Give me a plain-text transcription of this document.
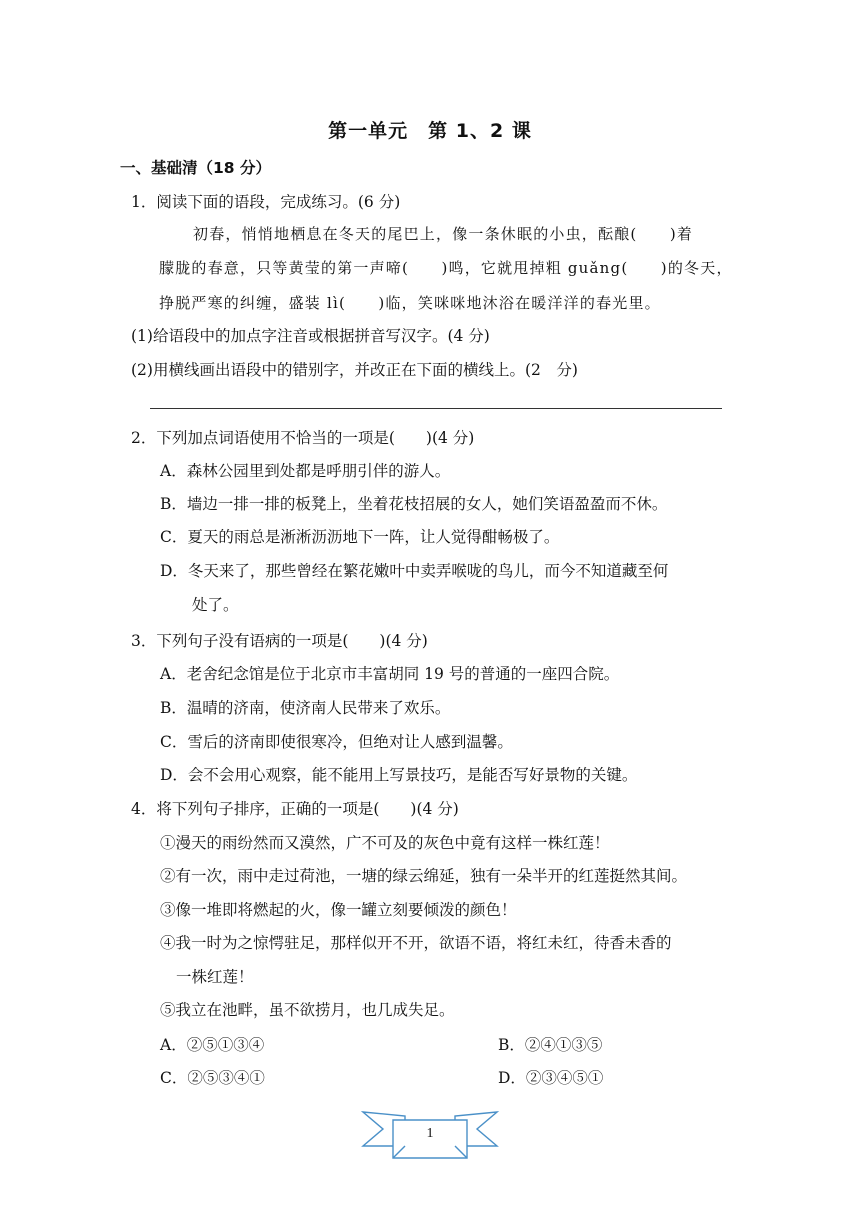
第一单元　第 1、2 课
一、基础清（18 分）
1．阅读下面的语段，完成练习。(6 分)
初春，悄悄地栖息在冬天的尾巴上，像一条休眠的小虫，酝酿(　　)着
朦胧的春意，只等黄莹的第一声啼(　　)鸣，它就甩掉粗 guǎng(　　)的冬天，
挣脱严寒的纠缠，盛装 lì(　　)临，笑咪咪地沐浴在暖洋洋的春光里。
(1)给语段中的加点字注音或根据拼音写汉字。(4 分)
(2)用横线画出语段中的错别字，并改正在下面的横线上。(2　分)
2．下列加点词语使用不恰当的一项是(　　)(4 分)
A．森林公园里到处都是呼朋引伴的游人。
B．墙边一排一排的板凳上，坐着花枝招展的女人，她们笑语盈盈而不休。
C．夏天的雨总是淅淅沥沥地下一阵，让人觉得酣畅极了。
D．冬天来了，那些曾经在繁花嫩叶中卖弄喉咙的鸟儿，而今不知道藏至何
处了。
3．下列句子没有语病的一项是(　　)(4 分)
A．老舍纪念馆是位于北京市丰富胡同 19 号的普通的一座四合院。
B．温晴的济南，使济南人民带来了欢乐。
C．雪后的济南即使很寒冷，但绝对让人感到温馨。
D．会不会用心观察，能不能用上写景技巧，是能否写好景物的关键。
4．将下列句子排序，正确的一项是(　　)(4 分)
①漫天的雨纷然而又漠然，广不可及的灰色中竟有这样一株红莲！
②有一次，雨中走过荷池，一塘的绿云绵延，独有一朵半开的红莲挺然其间。
③像一堆即将燃起的火，像一罐立刻要倾泼的颜色！
④我一时为之惊愕驻足，那样似开不开，欲语不语，将红未红，待香未香的
一株红莲！
⑤我立在池畔，虽不欲捞月，也几成失足。
A．②⑤①③④	B．②④①③⑤
C．②⑤③④①	D．②③④⑤①
1
